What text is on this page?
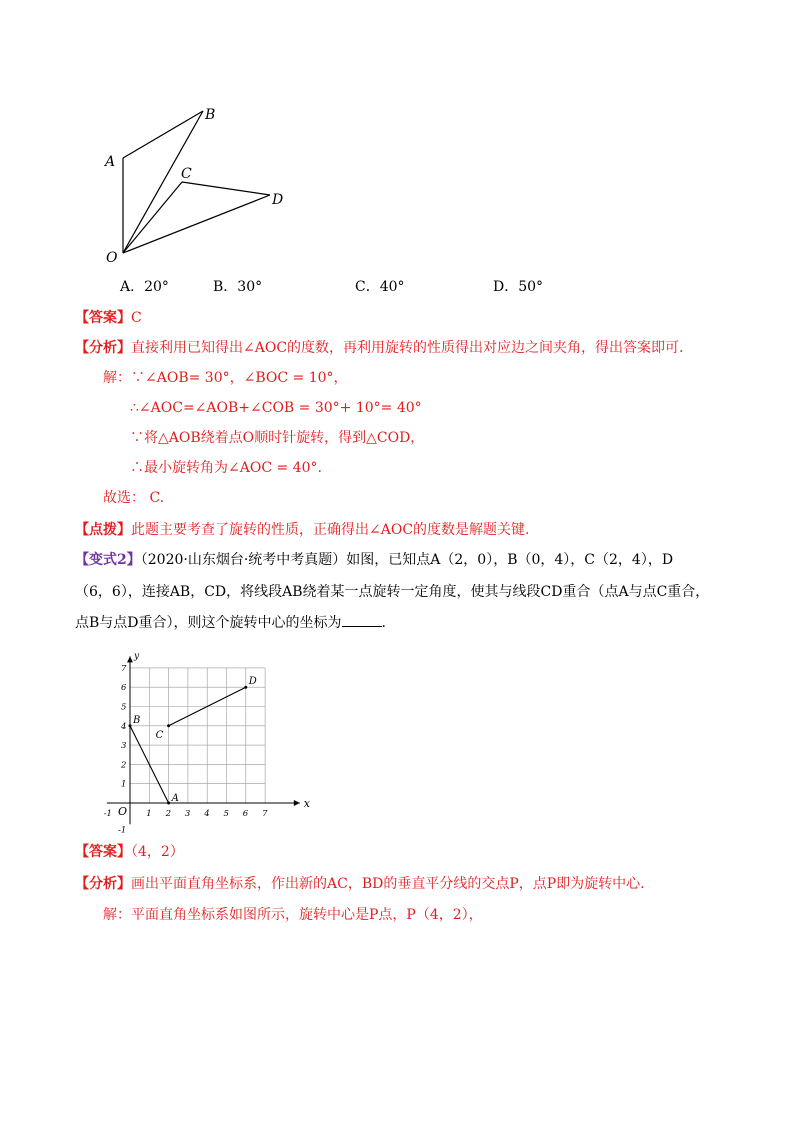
A
B
C
D
O
A．20°	B．30°	C．40°	D．50°
【答案】C
【分析】直接利用已知得出∠AOC的度数，再利用旋转的性质得出对应边之间夹角，得出答案即可.
解：∵∠AOB= 30°，∠BOC = 10°，
∴∠AOC=∠AOB+∠COB = 30°+ 10°= 40°
∵将△AOB绕着点O顺时针旋转，得到△COD，
∴最小旋转角为∠AOC = 40°.
故选： C.
【点拨】此题主要考查了旋转的性质，正确得出∠AOC的度数是解题关键.
【变式2】（2020·山东烟台·统考中考真题）如图，已知点A（2，0），B（0，4），C（2，4），D
（6，6），连接AB，CD，将线段AB绕着某一点旋转一定角度，使其与线段CD重合（点A与点C重合，
点B与点D重合），则这个旋转中心的坐标为	.
x
y
O
-1	1 2 3 4 5 6 7
-1
1
2
3
4
5
6
7
A
B
C
D
【答案】（4，2）
【分析】画出平面直角坐标系，作出新的AC，BD的垂直平分线的交点P，点P即为旋转中心.
解：平面直角坐标系如图所示，旋转中心是P点，P（4，2），
